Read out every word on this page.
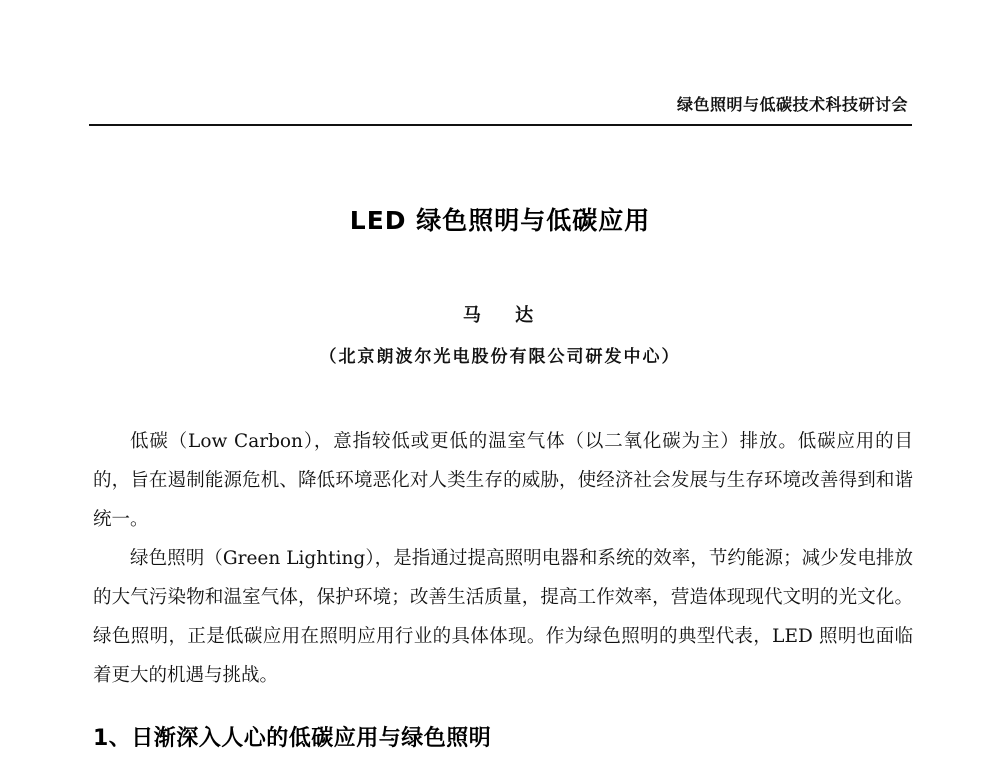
绿色照明与低碳技术科技研讨会
LED 绿色照明与低碳应用
马 达
（北京朗波尔光电股份有限公司研发中心）

低碳（Low Carbon），意指较低或更低的温室气体（以二氧化碳为主）排放。低碳应用的目的，旨在遏制能源危机、降低环境恶化对人类生存的威胁，使经济社会发展与生存环境改善得到和谐统一。

绿色照明（Green Lighting），是指通过提高照明电器和系统的效率，节约能源；减少发电排放的大气污染物和温室气体，保护环境；改善生活质量，提高工作效率，营造体现现代文明的光文化。绿色照明，正是低碳应用在照明应用行业的具体体现。作为绿色照明的典型代表，LED 照明也面临着更大的机遇与挑战。

1、日渐深入人心的低碳应用与绿色照明
